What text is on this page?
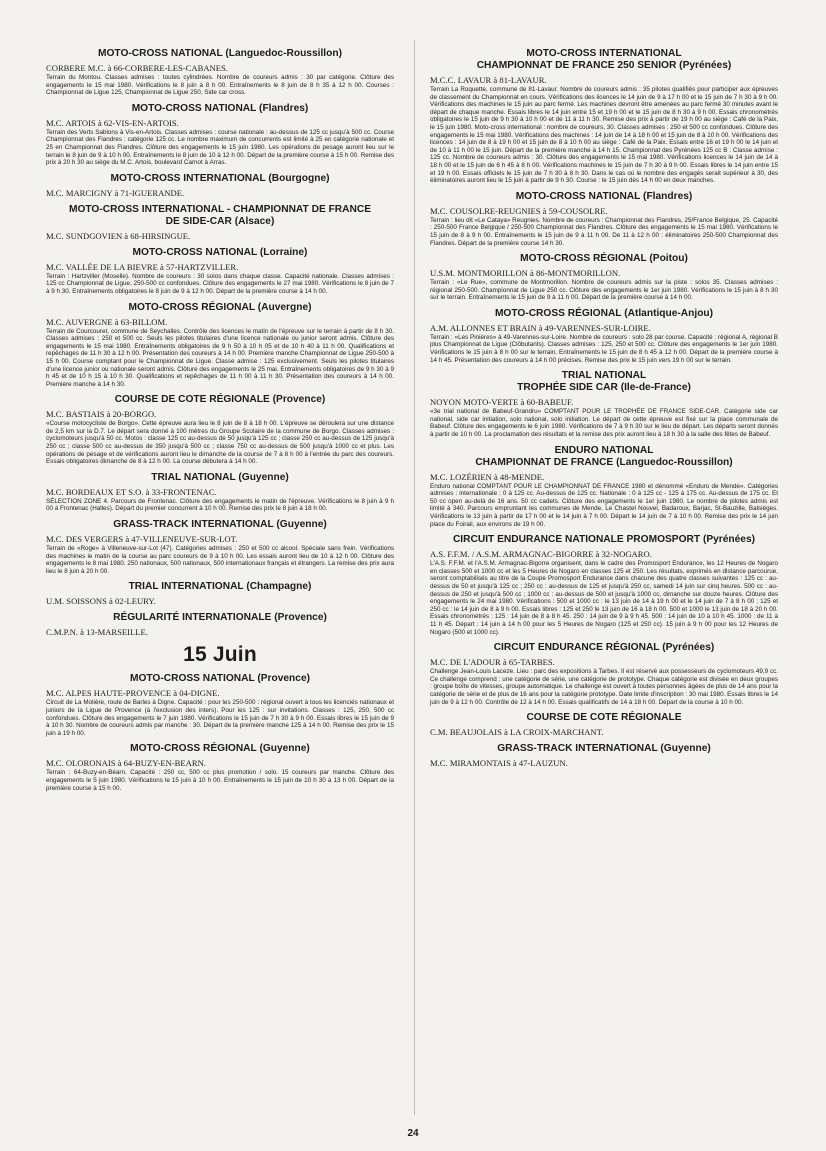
MOTO-CROSS NATIONAL (Languedoc-Roussillon)
CORBERE M.C. à 66-CORBERE-LES-CABANES.
Terrain du Montou. Classes admises : toutes cylindrées. Nombre de coureurs admis : 30 par catégorie. Clôture des engagements le 15 mai 1980. Vérifications le 8 juin à 8 h 00. Entraînements le 8 juin de 8 h 35 à 12 h 00. Courses : Championnat de Ligue 125, Championnat de Ligue 250, Side car cross.
MOTO-CROSS NATIONAL (Flandres)
M.C. ARTOIS à 62-VIS-EN-ARTOIS.
Terrain des Verts Sablons à Vis-en-Artois. Classes admises : course nationale : au-dessus de 125 cc jusqu'à 500 cc. Course Championnat des Flandres : catégorie 125 cc. Le nombre maximum de concurrents est limité à 25 en catégorie nationale et 25 en Championnat des Flandres. Clôture des engagements le 15 juin 1980. Les opérations de pesage auront lieu sur le terrain le 8 juin de 9 à 10 h 00. Entraînements le 8 juin de 10 à 12 h 00. Départ de la première course à 15 h 00. Remise des prix à 20 h 30 au siège du M.C. Artois, boulevard Carnot à Arras.
MOTO-CROSS INTERNATIONAL (Bourgogne)
M.C. MARCIGNY à 71-IGUERANDE.
MOTO-CROSS INTERNATIONAL - CHAMPIONNAT DE FRANCE
DE SIDE-CAR (Alsace)
M.C. SUNDGOVIEN à 68-HIRSINGUE.
MOTO-CROSS NATIONAL (Lorraine)
M.C. VALLÉE DE LA BIEVRE à 57-HARTZVILLER.
Terrain : Hartzviller (Moselle). Nombre de coureurs : 30 solos dans chaque classe. Capacité nationale. Classes admises : 125 cc Championnat de Ligue, 250-500 cc confondues. Clôture des engagements le 27 mai 1980. Vérifications le 8 juin de 7 à 9 h 30. Entraînements obligatoires le 8 juin de 9 à 12 h 00. Départ de la première course à 14 h 00.
MOTO-CROSS RÉGIONAL (Auvergne)
M.C. AUVERGNE à 63-BILLOM.
Terrain de Courcouret, commune de Seychalles. Contrôle des licences le matin de l'épreuve sur le terrain à partir de 8 h 30. Classes admises : 250 et 500 cc. Seuls les pilotes titulaires d'une licence nationale ou junior seront admis. Clôture des engagements le 15 mai 1980. Entraînements obligatoires de 9 h 50 à 10 h 05 et de 10 h 40 à 11 h 00. Qualifications et repêchages de 11 h 30 à 12 h 00. Présentation des coureurs à 14 h 00. Première manche Championnat de Ligue 250-500 à 15 h 00. Course comptant pour le Championnat de Ligue. Classe admise : 125 exclusivement. Seuls les pilotes titulaires d'une licence junior ou nationale seront admis. Clôture des engagements le 25 mai. Entraînements obligatoires de 9 h 30 à 9 h 45 et de 10 h 15 à 10 h 30. Qualifications et repêchages de 11 h 00 à 11 h 30. Présentation des coureurs à 14 h 00. Première manche à 14 h 30.
COURSE DE COTE RÉGIONALE (Provence)
M.C. BASTIAIS à 20-BORGO.
«Course motocycliste de Borgo». Cette épreuve aura lieu le 8 juin de 8 à 18 h 00. L'épreuve se déroulera sur une distance de 2,5 km sur la D.7. Le départ sera donné à 100 mètres du Groupe Scolaire de la commune de Borgo. Classes admises : cyclomoteurs jusqu'à 50 cc. Motos : classe 125 cc au-dessus de 50 jusqu'à 125 cc ; classe 250 cc au-dessus de 125 jusqu'à 250 cc ; classe 500 cc au-dessus de 350 jusqu'à 500 cc ; classe 750 cc au-dessus de 500 jusqu'à 1000 cc et plus. Les opérations de pesage et de vérifications auront lieu le dimanche de la course de 7 à 8 h 00 à l'entrée du parc des coureurs. Essais obligatoires dimanche de 8 à 12 h 00. La course débutera à 14 h 00.
TRIAL NATIONAL (Guyenne)
M.C. BORDEAUX ET S.O. à 33-FRONTENAC.
SÉLECTION ZONE 4. Parcours de Frontenac. Clôture des engagements le matin de l'épreuve. Vérifications le 8 juin à 9 h 00 à Frontenac (Halles). Départ du premier concurrent à 10 h 00. Remise des prix le 8 juin à 18 h 00.
GRASS-TRACK INTERNATIONAL (Guyenne)
M.C. DES VERGERS à 47-VILLENEUVE-SUR-LOT.
Terrain de «Roge» à Villeneuve-sur-Lot (47). Catégories admises : 250 et 500 cc alcool. Spéciale sans frein. Vérifications des machines le matin de la course au parc coureurs de 9 à 10 h 00. Les essais auront lieu de 10 à 12 h 00. Clôture des engagements le 8 mai 1980. 250 nationaux, 500 nationaux, 500 internationaux français et étrangers. La remise des prix aura lieu le 8 juin à 20 h 00.
TRIAL INTERNATIONAL (Champagne)
U.M. SOISSONS à 02-LEURY.
RÉGULARITÉ INTERNATIONALE (Provence)
C.M.P.N. à 13-MARSEILLE.
15 Juin
MOTO-CROSS NATIONAL (Provence)
M.C. ALPES HAUTE-PROVENCE à 04-DIGNE.
Circuit de La Molière, route de Barles à Digne. Capacité : pour les 250-500 : régional ouvert à tous les licenciés nationaux et juniors de la Ligue de Provence (à l'exclusion des inters). Pour les 125 : sur invitations. Classes : 125, 250, 500 cc confondues. Clôture des engagements le 7 juin 1980. Vérifications le 15 juin de 7 h 30 à 9 h 00. Essais libres le 15 juin de 9 à 10 h 30. Nombre de coureurs admis par manche : 30. Départ de la première manche 125 à 14 h 00. Remise des prix le 15 juin à 19 h 00.
MOTO-CROSS RÉGIONAL (Guyenne)
M.C. OLORONAIS à 64-BUZY-EN-BEARN.
Terrain : 64-Buzy-en-Béarn. Capacité : 250 cc, 500 cc plus promotion / solo. 15 coureurs par manche. Clôture des engagements le 5 juin 1980. Vérifications le 15 juin à 10 h 00. Entraînements le 15 juin de 10 h 30 à 13 h 00. Départ de la première course à 15 h 00.
MOTO-CROSS INTERNATIONAL
CHAMPIONNAT DE FRANCE 250 SENIOR (Pyrénées)
M.C.C. LAVAUR à 81-LAVAUR.
Terrain La Roquette, commune de 81-Lavaur. Nombre de coureurs admis : 35 pilotes qualifiés pour participer aux épreuves de classement du Championnat en cours. Vérifications des licences le 14 juin de 9 à 17 h 00 et le 15 juin de 7 h 30 à 9 h 00. Vérifications des machines le 15 juin au parc fermé. Les machines devront être amenées au parc fermé 30 minutes avant le départ de chaque manche. Essais libres le 14 juin entre 15 et 19 h 00 et le 15 juin de 8 h 30 à 9 h 00. Essais chronométrés obligatoires le 15 juin de 9 h 30 à 10 h 00 et de 11 à 11 h 30. Remise des prix à partir de 19 h 00 au siège : Café de la Paix, le 15 juin 1980. Moto-cross international : nombre de coureurs, 30. Classes admises : 250 et 500 cc confondues. Clôture des engagements le 15 mai 1980. Vérifications des machines : 14 juin de 14 à 18 h 00 et 15 juin de 8 à 10 h 00. Vérifications des licences : 14 juin de 8 à 19 h 00 et 15 juin de 8 à 10 h 00 au siège : Café de la Paix. Essais entre 16 et 19 h 00 le 14 juin et de 10 à 11 h 00 le 15 juin. Départ de la première manche à 14 h 15. Championnat des Pyrénées 125 cc B : Classe admise : 125 cc. Nombre de coureurs admis : 30. Clôture des engagements le 15 mai 1980. Vérifications licences le 14 juin de 14 à 18 h 00 et le 15 juin de 6 h 45 à 8 h 00. Vérifications machines le 15 juin de 7 h 30 à 9 h 00. Essais libres le 14 juin entre 15 et 19 h 00. Essais officiels le 15 juin de 7 h 30 à 8 h 30. Dans le cas où le nombre des engagés serait supérieur à 30, des éliminatoires auront lieu le 15 juin à partir de 9 h 30. Course : le 15 juin dès 14 h 00 en deux manches.
MOTO-CROSS NATIONAL (Flandres)
M.C. COUSOLRE-REUGNIES à 59-COUSOLRE.
Terrain : lieu dit «Le Cataya» Reugnies. Nombre de coureurs : Championnat des Flandres, 25/France Belgique, 25. Capacité : 250-500 France Belgique / 250-500 Championnat des Flandres. Clôture des engagements le 15 mai 1980. Vérifications le 15 juin de 8 à 9 h 00. Entraînements le 15 juin de 9 à 11 h 00. De 11 à 12 h 00 : éliminatoires 250-500 Championnat des Flandres. Départ de la première course 14 h 30.
MOTO-CROSS RÉGIONAL (Poitou)
U.S.M. MONTMORILLON à 86-MONTMORILLON.
Terrain : «Le Rue», commune de Montmorillon. Nombre de coureurs admis sur la piste : solos 35. Classes admises : régional 250-500. Championnat de Ligue 250 cc. Clôture des engagements le 1er juin 1980. Vérifications le 15 juin à 8 h 30 sur le terrain. Entraînements le 15 juin de 9 à 11 h 00. Départ de la première course à 14 h 00.
MOTO-CROSS RÉGIONAL (Atlantique-Anjou)
A.M. ALLONNES ET BRAIN à 49-VARENNES-SUR-LOIRE.
Terrain : «Les Pinières» à 49-Varennes-sur-Loire. Nombre de coureurs : solo 28 par course. Capacité : régional A, régional B plus Championnat de Ligue (Clôbutants). Classes admises : 125, 250 et 500 cc. Clôture des engagements le 1er juin 1980. Vérifications le 15 juin à 8 h 00 sur le terrain. Entraînements le 15 juin de 8 h 45 à 12 h 00. Départ de la première course à 14 h 45. Présentation des coureurs à 14 h 00 précises. Remise des prix le 15 juin vers 19 h 00 sur le terrain.
TRIAL NATIONAL
TROPHÉE SIDE CAR (Ile-de-France)
NOYON MOTO-VERTE à 60-BABEUF.
«3e trial national de Babeuf-Grandru» COMPTANT POUR LE TROPHÉE DE FRANCE SIDE-CAR. Catégorie side car national, side car initiation, solo national, solo initiation. Le départ de cette épreuve est fixé sur la place communale de Babeuf. Clôture des engagements le 6 juin 1980. Vérifications de 7 à 9 h 30 sur le lieu de départ. Les départs seront donnés à partir de 10 h 00. La proclamation des résultats et la remise des prix auront lieu à 18 h 30 à la salle des fêtes de Babeuf.
ENDURO NATIONAL
CHAMPIONNAT DE FRANCE (Languedoc-Roussillon)
M.C. LOZÉRIEN à 48-MENDE.
Enduro national COMPTANT POUR LE CHAMPIONNAT DE FRANCE 1980 et dénommé «Enduro de Mende». Catégories admises : internationale : 0 à 125 cc. Au-dessus de 125 cc. Nationale : 0 à 125 cc - 125 à 175 cc. Au-dessus de 175 cc. Et 50 cc open au-delà de 16 ans. 50 cc cadets. Clôture des engagements le 1er juin 1980. Le nombre de pilotes admis est limité à 340. Parcours empruntant les communes de Mende, Le Chastel Nouvel, Badaroux, Barjac, St-Bauzille, Balsièges. Vérifications le 13 juin à partir de 17 h 00 et le 14 juin à 7 h 00. Départ le 14 juin de 7 à 10 h 00. Remise des prix le 14 juin place du Foirail, aux environs de 19 h 00.
CIRCUIT ENDURANCE NATIONALE PROMOSPORT (Pyrénées)
A.S. F.F.M. / A.S.M. ARMAGNAC-BIGORRE à 32-NOGARO.
L'A.S. F.F.M. et l'A.S.M. Armagnac-Bigorre organisent, dans le cadre des Promosport Endurance, les 12 Heures de Nogaro en classes 500 et 1000 cc et les 5 Heures de Nogaro en classes 125 et 250. Les résultats, exprimés en distance parcourue, seront comptabilisés au titre de la Coupe Promosport Endurance dans chacune des quatre classes suivantes : 125 cc : au-dessus de 50 et jusqu'à 125 cc ; 250 cc : au-dessus de 125 et jusqu'à 250 cc, samedi 14 juin sur cinq heures. 500 cc : au-dessus de 250 et jusqu'à 500 cc ; 1000 cc : au-dessus de 500 et jusqu'à 1000 cc, dimanche sur douze heures. Clôture des engagements le 24 mai 1980. Vérifications : 500 et 1000 cc : le 13 juin de 14 à 19 h 00 et le 14 juin de 7 à 8 h 00 ; 125 et 250 cc : le 14 juin de 8 à 9 h 00. Essais libres : 125 et 250 le 13 juin de 16 à 18 h 00. 500 et 1000 le 13 juin de 18 à 20 h 00. Essais chronométrés : 125 : 14 juin de 8 à 8 h 45. 250 : 14 juin de 9 à 9 h 45. 500 : 14 juin de 10 à 10 h 45. 1000 : de 11 à 11 h 45. Départ : 14 juin à 14 h 00 pour les 5 Heures de Nogaro (125 et 250 cc). 15 juin à 9 h 00 pour les 12 Heures de Nogaro (500 et 1000 cc).
CIRCUIT ENDURANCE RÉGIONAL (Pyrénées)
M.C. DE L'ADOUR à 65-TARBES.
Challenge Jean-Louis Laceze. Lieu : parc des expositions à Tarbes. Il est réservé aux possesseurs de cyclomoteurs 49,9 cc. Ce challenge comprend : une catégorie de série, une catégorie de prototype. Chaque catégorie est divisée en deux groupes : groupe boîte de vitesses, groupe automatique. Le challenge est ouvert à toutes personnes âgées de plus de 14 ans pour la catégorie de série et de plus de 16 ans pour la catégorie prototype. Date limite d'inscription : 30 mai 1980. Essais libres le 14 juin de 9 à 12 h 00. Contrôle de 12 à 14 h 00. Essais qualificatifs de 14 à 18 h 00. Départ de la course à 10 h 00.
COURSE DE COTE RÉGIONALE
C.M. BEAUJOLAIS à LA CROIX-MARCHANT.
GRASS-TRACK INTERNATIONAL (Guyenne)
M.C. MIRAMONTAIS à 47-LAUZUN.
24
